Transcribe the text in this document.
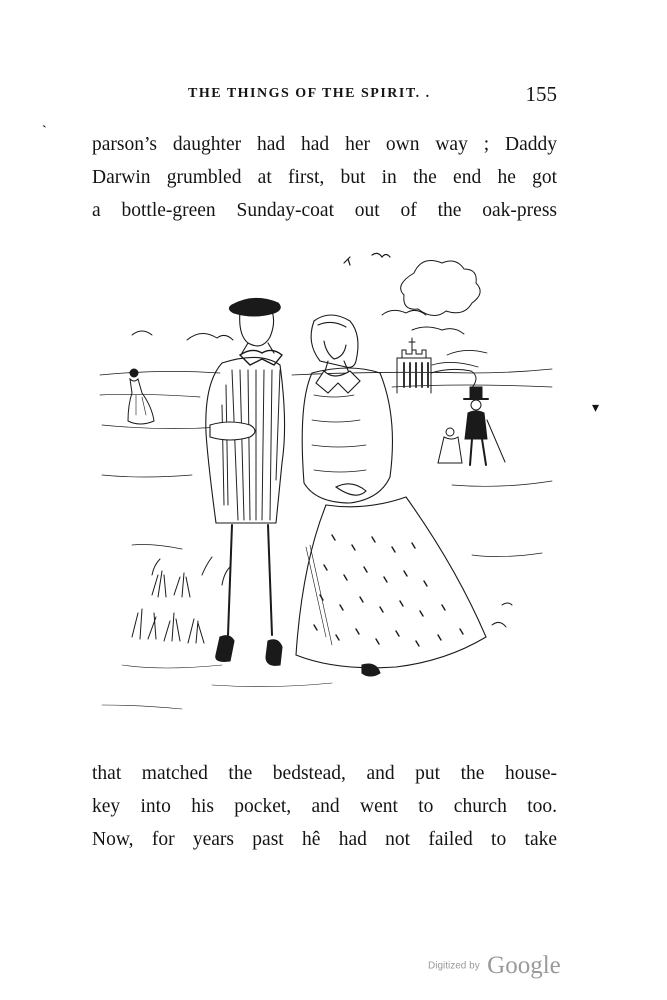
THE THINGS OF THE SPIRIT. .	155
`
▾

parson’s daughter had had her own way ; Daddy

Darwin grumbled at first, but in the end he got

a bottle-green Sunday-coat out of the oak-press

that matched the bedstead, and put the house-

key into his pocket, and went to church too.

Now, for years past hê had not failed to take

Digitized by Google
